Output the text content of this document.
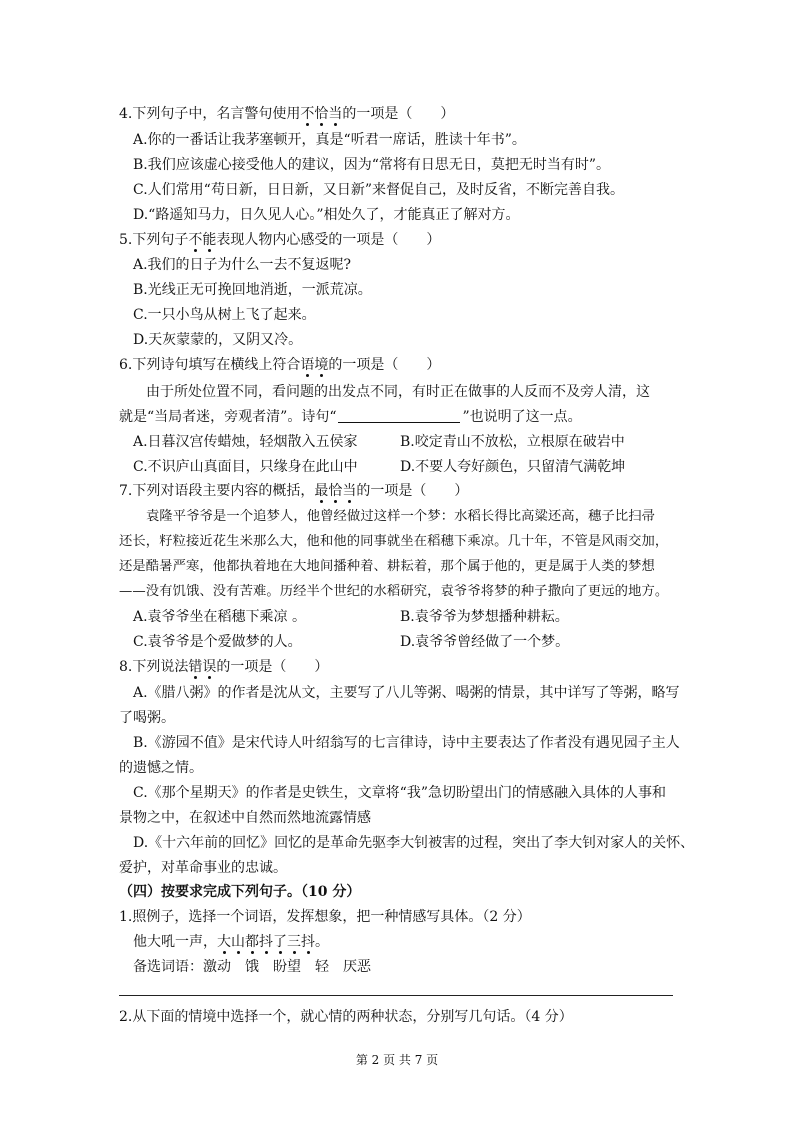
4.下列句子中，名言警句使用不恰当的一项是（　　）
A.你的一番话让我茅塞顿开，真是“听君一席话，胜读十年书”。
B.我们应该虚心接受他人的建议，因为“常将有日思无日，莫把无时当有时”。
C.人们常用“苟日新，日日新，又日新”来督促自己，及时反省，不断完善自我。
D.“路遥知马力，日久见人心。”相处久了，才能真正了解对方。
5.下列句子不能表现人物内心感受的一项是（　　）
A.我们的日子为什么一去不复返呢?
B.光线正无可挽回地消逝，一派荒凉。
C.一只小鸟从树上飞了起来。
D.天灰蒙蒙的，又阴又冷。
6.下列诗句填写在横线上符合语境的一项是（　　）
由于所处位置不同，看问题的出发点不同，有时正在做事的人反而不及旁人清，这
就是“当局者迷，旁观者清”。诗句“	”也说明了这一点。
A.日暮汉宫传蜡烛，轻烟散入五侯家	B.咬定青山不放松，立根原在破岩中
C.不识庐山真面目，只缘身在此山中	D.不要人夸好颜色，只留清气满乾坤
7.下列对语段主要内容的概括，最恰当的一项是（　　）
袁隆平爷爷是一个追梦人，他曾经做过这样一个梦：水稻长得比高粱还高，穗子比扫帚
还长，籽粒接近花生米那么大，他和他的同事就坐在稻穗下乘凉。几十年，不管是风雨交加，
还是酷暑严寒，他都执着地在大地间播种着、耕耘着，那个属于他的，更是属于人类的梦想
——没有饥饿、没有苦难。历经半个世纪的水稻研究，袁爷爷将梦的种子撒向了更远的地方。
A.袁爷爷坐在稻穗下乘凉 。	B.袁爷爷为梦想播种耕耘。
C.袁爷爷是个爱做梦的人。	D.袁爷爷曾经做了一个梦。
8.下列说法错误的一项是（　　）
A.《腊八粥》的作者是沈从文，主要写了八儿等粥、喝粥的情景，其中详写了等粥，略写
了喝粥。
B.《游园不值》是宋代诗人叶绍翁写的七言律诗，诗中主要表达了作者没有遇见园子主人
的遗憾之情。
C.《那个星期天》的作者是史铁生，文章将“我”急切盼望出门的情感融入具体的人事和
景物之中，在叙述中自然而然地流露情感
D.《十六年前的回忆》回忆的是革命先驱李大钊被害的过程，突出了李大钊对家人的关怀、
爱护，对革命事业的忠诚。
（四）按要求完成下列句子。（10 分）
1.照例子，选择一个词语，发挥想象，把一种情感写具体。（2 分）
他大吼一声，大山都抖了三抖。
备选词语：激动　饿　盼望　轻　厌恶
2.从下面的情境中选择一个，就心情的两种状态，分别写几句话。（4 分）
第 2 页 共 7 页
